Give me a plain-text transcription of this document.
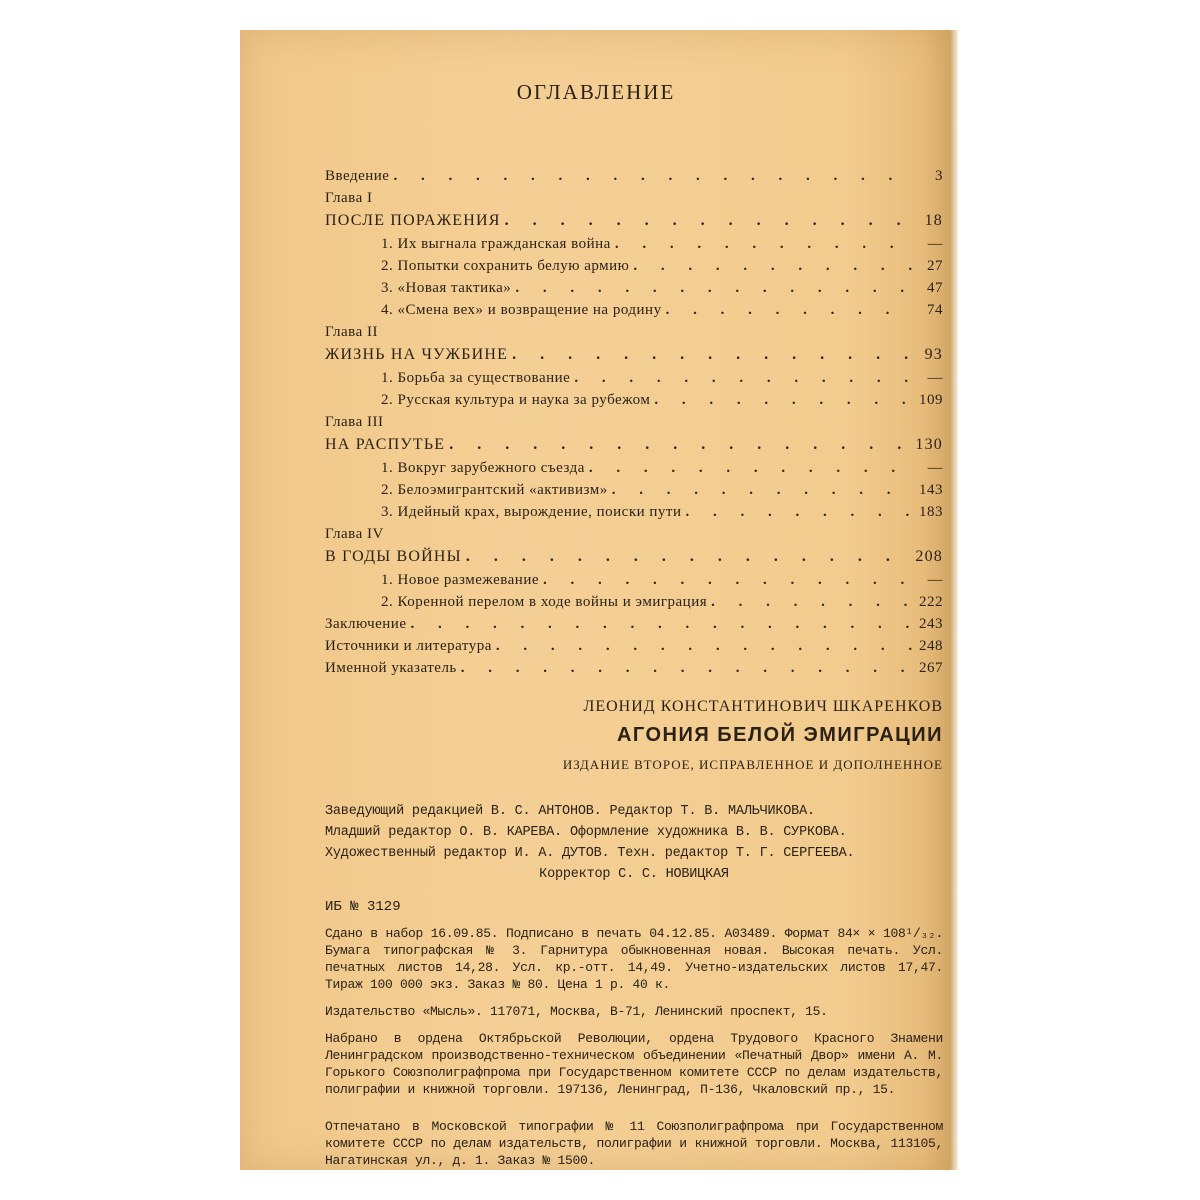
ОГЛАВЛЕНИЕ
Введение . . .	3
Глава I
ПОСЛЕ ПОРАЖЕНИЯ . . .	18
1. Их выгнала гражданская война . . .	—
2. Попытки сохранить белую армию . . .	27
3. «Новая тактика» . . .	47
4. «Смена вех» и возвращение на родину . . .	74
Глава II
ЖИЗНЬ НА ЧУЖБИНЕ . . .	93
1. Борьба за существование . . .	—
2. Русская культура и наука за рубежом . . .	109
Глава III
НА РАСПУТЬЕ . . .	130
1. Вокруг зарубежного съезда . . .	—
2. Белоэмигрантский «активизм» . . .	143
3. Идейный крах, вырождение, поиски пути . . .	183
Глава IV
В ГОДЫ ВОЙНЫ . . .	208
1. Новое размежевание . . .	—
2. Коренной перелом в ходе войны и эмиграция . . .	222
Заключение . . .	243
Источники и литература . . .	248
Именной указатель . . .	267
ЛЕОНИД КОНСТАНТИНОВИЧ ШКАРЕНКОВ
АГОНИЯ БЕЛОЙ ЭМИГРАЦИИ
ИЗДАНИЕ ВТОРОЕ, ИСПРАВЛЕННОЕ И ДОПОЛНЕННОЕ

Заведующий редакцией В. С. АНТОНОВ. Редактор Т. В. МАЛЬЧИКОВА.

Младший редактор О. В. КАРЕВА. Оформление художника В. В. СУРКОВА.

Художественный редактор И. А. ДУТОВ. Техн. редактор Т. Г. СЕРГЕЕВА.

Корректор С. С. НОВИЦКАЯ

ИБ № 3129

Сдано в набор 16.09.85. Подписано в печать 04.12.85. А03489. Формат 84× × 108¹/₃₂. Бумага типографская № 3. Гарнитура обыкновенная новая. Высокая печать. Усл. печатных листов 14,28. Усл. кр.-отт. 14,49. Учетно-издательских листов 17,47. Тираж 100 000 экз. Заказ № 80. Цена 1 р. 40 к.

Издательство «Мысль». 117071, Москва, В-71, Ленинский проспект, 15.

Набрано в ордена Октябрьской Революции, ордена Трудового Красного Знамени Ленинградском производственно-техническом объединении «Печатный Двор» имени А. М. Горького Союзполиграфпрома при Государственном комитете СССР по делам издательств, полиграфии и книжной торговли. 197136, Ленинград, П-136, Чкаловский пр., 15.

Отпечатано в Московской типографии № 11 Союзполиграфпрома при Государственном комитете СССР по делам издательств, полиграфии и книжной торговли. Москва, 113105, Нагатинская ул., д. 1. Заказ № 1500.
